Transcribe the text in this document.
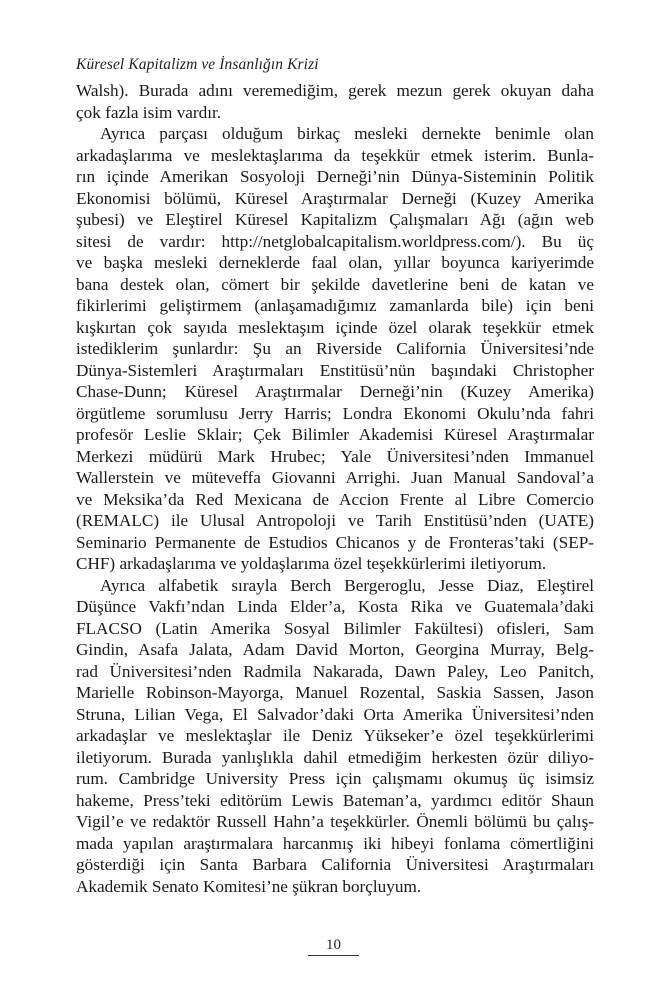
Küresel Kapitalizm ve İnsanlığın Krizi
Walsh). Burada adını veremediğim, gerek mezun gerek okuyan daha
çok fazla isim vardır.
Ayrıca parçası olduğum birkaç mesleki dernekte benimle olan
arkadaşlarıma ve meslektaşlarıma da teşekkür etmek isterim. Bunla-
rın içinde Amerikan Sosyoloji Derneği’nin Dünya-Sisteminin Politik
Ekonomisi bölümü, Küresel Araştırmalar Derneği (Kuzey Amerika
şubesi) ve Eleştirel Küresel Kapitalizm Çalışmaları Ağı (ağın web
sitesi de vardır: http://netglobalcapitalism.worldpress.com/). Bu üç
ve başka mesleki derneklerde faal olan, yıllar boyunca kariyerimde
bana destek olan, cömert bir şekilde davetlerine beni de katan ve
fikirlerimi geliştirmem (anlaşamadığımız zamanlarda bile) için beni
kışkırtan çok sayıda meslektaşım içinde özel olarak teşekkür etmek
istediklerim şunlardır: Şu an Riverside California Üniversitesi’nde
Dünya-Sistemleri Araştırmaları Enstitüsü’nün başındaki Christopher
Chase-Dunn; Küresel Araştırmalar Derneği’nin (Kuzey Amerika)
örgütleme sorumlusu Jerry Harris; Londra Ekonomi Okulu’nda fahri
profesör Leslie Sklair; Çek Bilimler Akademisi Küresel Araştırmalar
Merkezi müdürü Mark Hrubec; Yale Üniversitesi’nden Immanuel
Wallerstein ve müteveffa Giovanni Arrighi. Juan Manual Sandoval’a
ve Meksika’da Red Mexicana de Accion Frente al Libre Comercio
(REMALC) ile Ulusal Antropoloji ve Tarih Enstitüsü’nden (UATE)
Seminario Permanente de Estudios Chicanos y de Fronteras’taki (SEP-
CHF) arkadaşlarıma ve yoldaşlarıma özel teşekkürlerimi iletiyorum.
Ayrıca alfabetik sırayla Berch Bergeroglu, Jesse Diaz, Eleştirel
Düşünce Vakfı’ndan Linda Elder’a, Kosta Rika ve Guatemala’daki
FLACSO (Latin Amerika Sosyal Bilimler Fakültesi) ofisleri, Sam
Gindin, Asafa Jalata, Adam David Morton, Georgina Murray, Belg-
rad Üniversitesi’nden Radmila Nakarada, Dawn Paley, Leo Panitch,
Marielle Robinson-Mayorga, Manuel Rozental, Saskia Sassen, Jason
Struna, Lilian Vega, El Salvador’daki Orta Amerika Üniversitesi’nden
arkadaşlar ve meslektaşlar ile Deniz Yükseker’e özel teşekkürlerimi
iletiyorum. Burada yanlışlıkla dahil etmediğim herkesten özür diliyo-
rum. Cambridge University Press için çalışmamı okumuş üç isimsiz
hakeme, Press’teki editörüm Lewis Bateman’a, yardımcı editör Shaun
Vigil’e ve redaktör Russell Hahn’a teşekkürler. Önemli bölümü bu çalış-
mada yapılan araştırmalara harcanmış iki hibeyi fonlama cömertliğini
gösterdiği için Santa Barbara California Üniversitesi Araştırmaları
Akademik Senato Komitesi’ne şükran borçluyum.
10
